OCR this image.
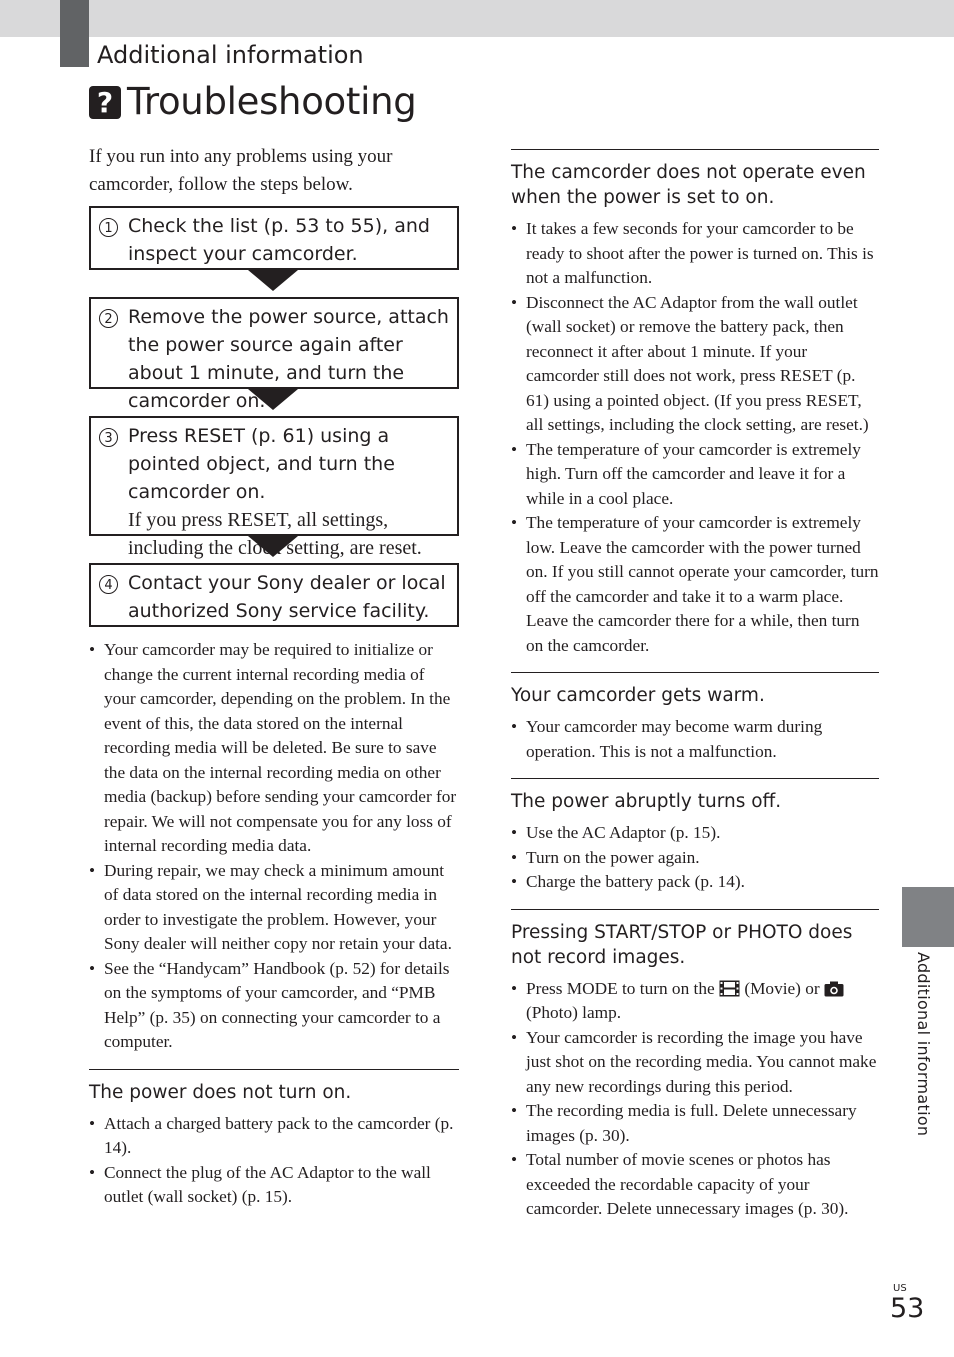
Additional information
? Troubleshooting

If you run into any problems using your camcorder, follow the steps below.

1 Check the list (p. 53 to 55), and inspect your camcorder.
2 Remove the power source, attach the power source again after about 1 minute, and turn the camcorder on.
3 Press RESET (p. 61) using a pointed object, and turn the camcorder on.
If you press RESET, all settings, including the clock setting, are reset.
4 Contact your Sony dealer or local authorized Sony service facility.
• Your camcorder may be required to initialize or change the current internal recording media of your camcorder, depending on the problem. In the event of this, the data stored on the internal recording media will be deleted. Be sure to save the data on the internal recording media on other media (backup) before sending your camcorder for repair. We will not compensate you for any loss of internal recording media data.
• During repair, we may check a minimum amount of data stored on the internal recording media in order to investigate the problem. However, your Sony dealer will neither copy nor retain your data.
• See the “Handycam” Handbook (p. 52) for details on the symptoms of your camcorder, and “PMB Help” (p. 35) on connecting your camcorder to a computer.

The power does not turn on.

• Attach a charged battery pack to the camcorder (p. 14).
• Connect the plug of the AC Adaptor to the wall outlet (wall socket) (p. 15).

The camcorder does not operate even when the power is set to on.

• It takes a few seconds for your camcorder to be ready to shoot after the power is turned on. This is not a malfunction.
• Disconnect the AC Adaptor from the wall outlet (wall socket) or remove the battery pack, then reconnect it after about 1 minute. If your camcorder still does not work, press RESET (p. 61) using a pointed object. (If you press RESET, all settings, including the clock setting, are reset.)
• The temperature of your camcorder is extremely high. Turn off the camcorder and leave it for a while in a cool place.
• The temperature of your camcorder is extremely low. Leave the camcorder with the power turned on. If you still cannot operate your camcorder, turn off the camcorder and take it to a warm place. Leave the camcorder there for a while, then turn on the camcorder.

Your camcorder gets warm.

• Your camcorder may become warm during operation. This is not a malfunction.

The power abruptly turns off.

• Use the AC Adaptor (p. 15).
• Turn on the power again.
• Charge the battery pack (p. 14).

Pressing START/STOP or PHOTO does not record images.

• Press MODE to turn on the (Movie) or  (Photo) lamp.
• Your camcorder is recording the image you have just shot on the recording media. You cannot make any new recordings during this period.
• The recording media is full. Delete unnecessary images (p. 30).
• Total number of movie scenes or photos has exceeded the recordable capacity of your camcorder. Delete unnecessary images (p. 30).
Additional information
US
53
